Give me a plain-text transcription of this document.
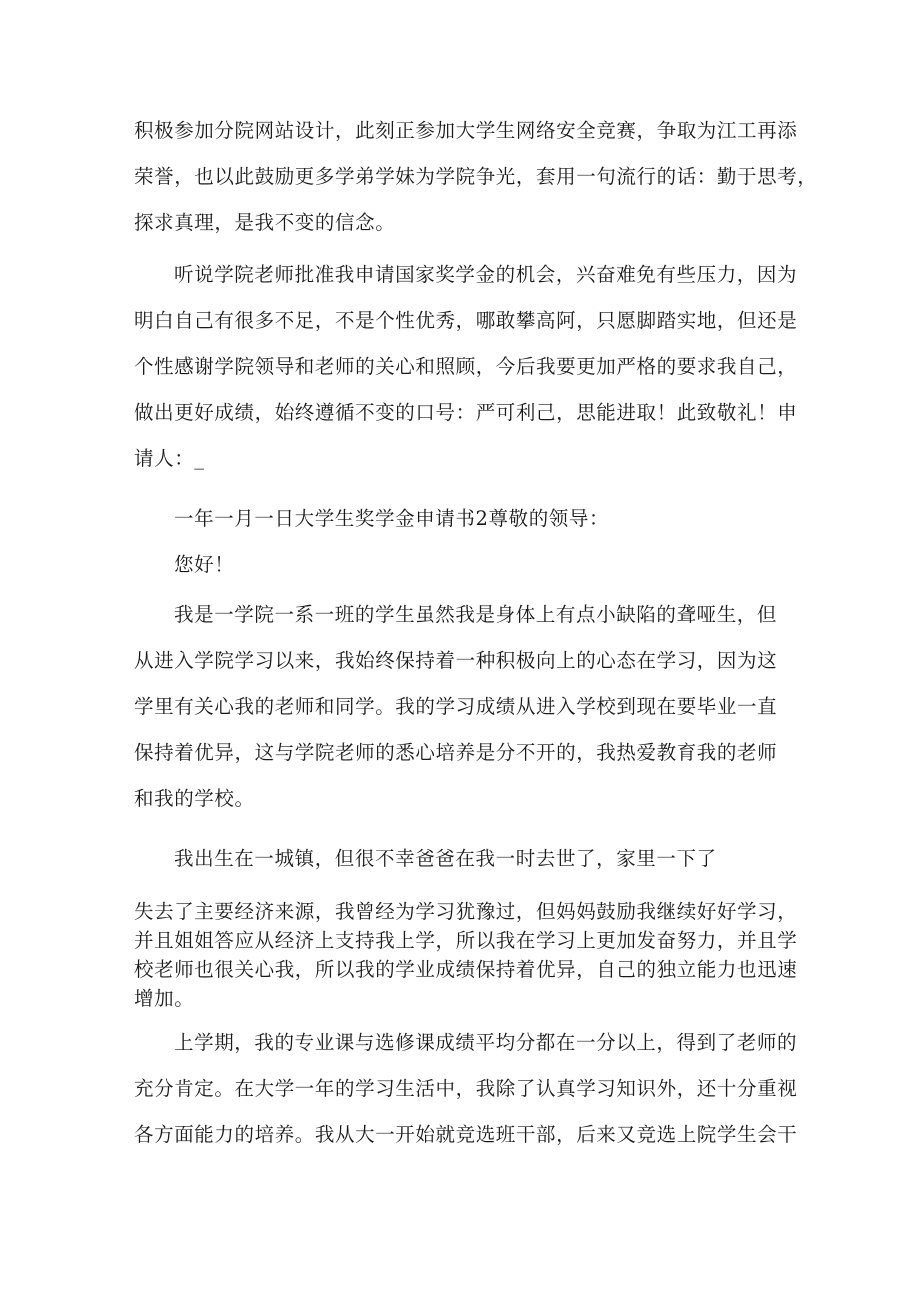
积极参加分院网站设计，此刻正参加大学生网络安全竞赛，争取为江工再添
荣誉，也以此鼓励更多学弟学妹为学院争光，套用一句流行的话：勤于思考，
探求真理，是我不变的信念。
听说学院老师批准我申请国家奖学金的机会，兴奋难免有些压力，因为
明白自己有很多不足，不是个性优秀，哪敢攀高阿，只愿脚踏实地，但还是
个性感谢学院领导和老师的关心和照顾，今后我要更加严格的要求我自己，
做出更好成绩，始终遵循不变的口号：严可利己，思能进取！此致敬礼！申
请人：_
一年一月一日大学生奖学金申请书2尊敬的领导：
您好！
我是一学院一系一班的学生虽然我是身体上有点小缺陷的聋哑生，但
从进入学院学习以来，我始终保持着一种积极向上的心态在学习，因为这
学里有关心我的老师和同学。我的学习成绩从进入学校到现在要毕业一直
保持着优异，这与学院老师的悉心培养是分不开的，我热爱教育我的老师
和我的学校。
我出生在一城镇，但很不幸爸爸在我一时去世了，家里一下了
失去了主要经济来源，我曾经为学习犹豫过，但妈妈鼓励我继续好好学习，
并且姐姐答应从经济上支持我上学，所以我在学习上更加发奋努力，并且学
校老师也很关心我，所以我的学业成绩保持着优异，自己的独立能力也迅速
增加。
上学期，我的专业课与选修课成绩平均分都在一分以上，得到了老师的
充分肯定。在大学一年的学习生活中，我除了认真学习知识外，还十分重视
各方面能力的培养。我从大一开始就竞选班干部，后来又竞选上院学生会干
